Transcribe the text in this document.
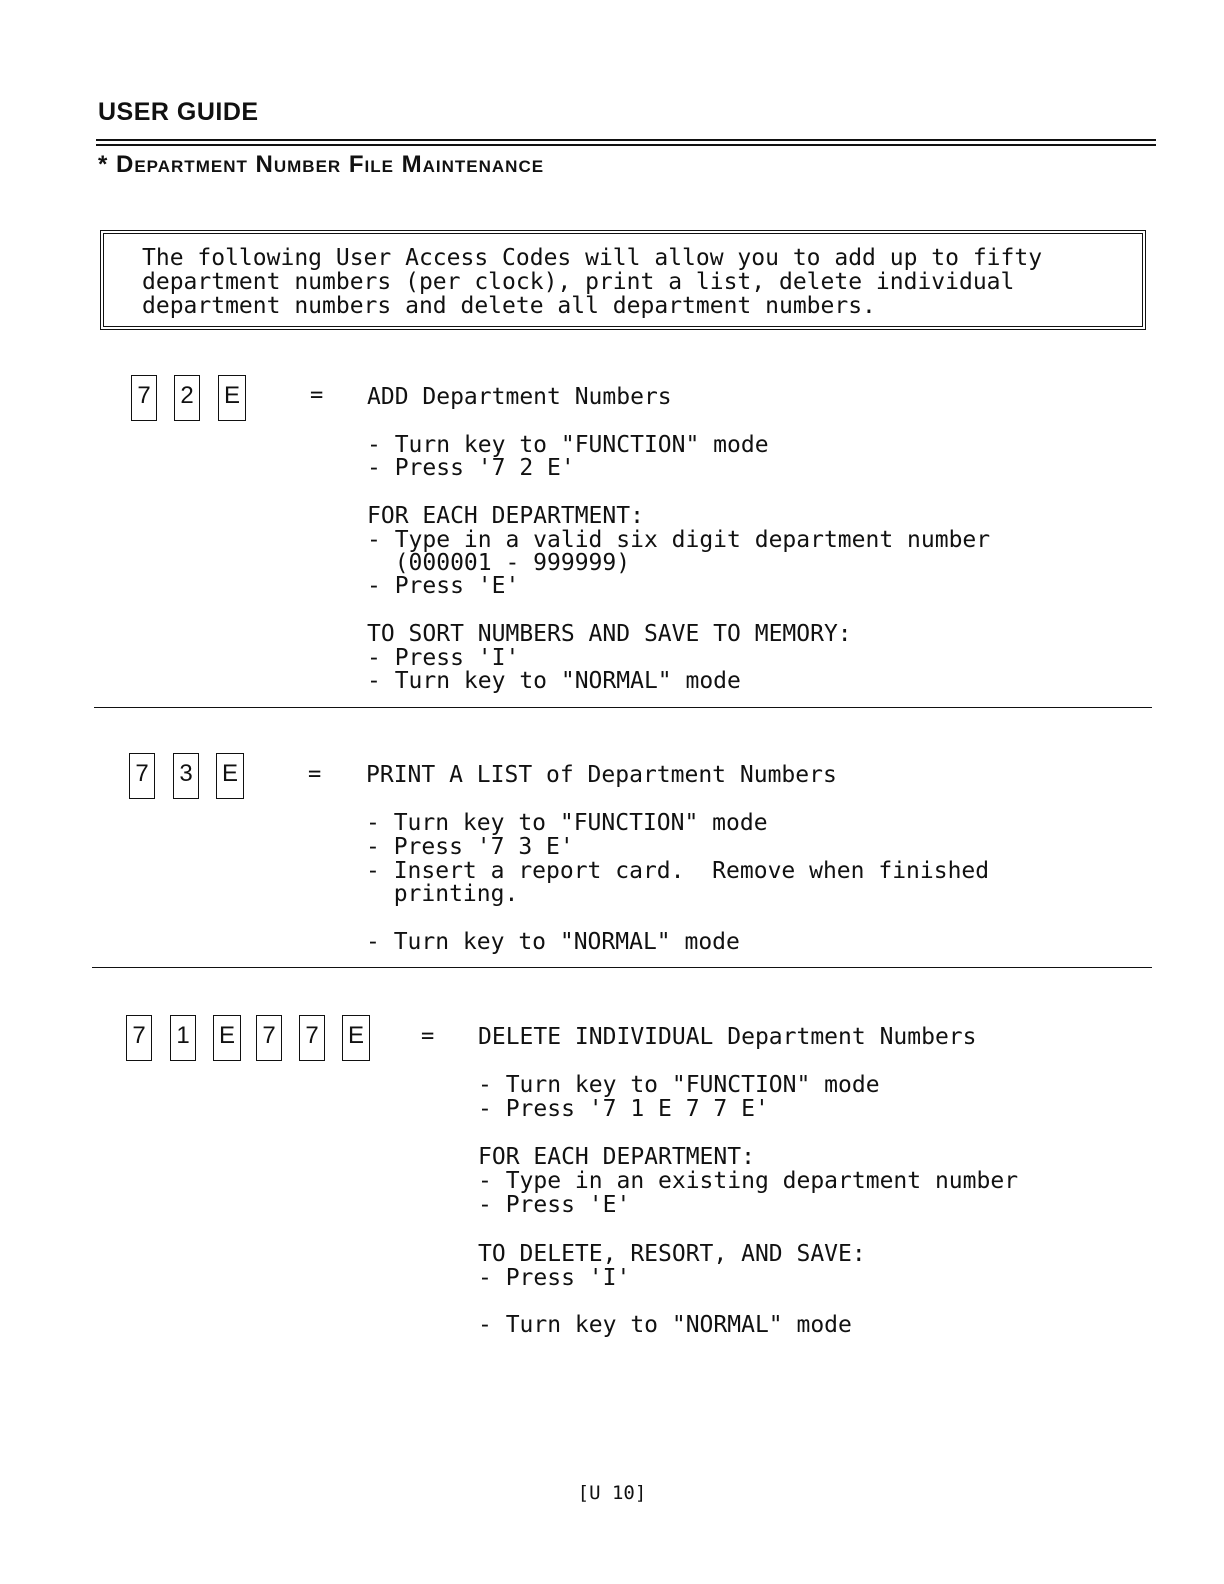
USER GUIDE
* Department Number File Maintenance
The following User Access Codes will allow you to add up to fifty
department numbers (per clock), print a list, delete individual
department numbers and delete all department numbers.
7 2 E	= ADD Department Numbers
- Turn key to "FUNCTION" mode
- Press '7 2 E'
FOR EACH DEPARTMENT:
- Type in a valid six digit department number
(000001 - 999999)
- Press 'E'
TO SORT NUMBERS AND SAVE TO MEMORY:
- Press 'I'
- Turn key to "NORMAL" mode
7 3 E	= PRINT A LIST of Department Numbers
- Turn key to "FUNCTION" mode
- Press '7 3 E'
- Insert a report card.  Remove when finished
printing.
- Turn key to "NORMAL" mode
7 1 E 7 7 E	= DELETE INDIVIDUAL Department Numbers
- Turn key to "FUNCTION" mode
- Press '7 1 E 7 7 E'
FOR EACH DEPARTMENT:
- Type in an existing department number
- Press 'E'
TO DELETE, RESORT, AND SAVE:
- Press 'I'
- Turn key to "NORMAL" mode
[U 10]
